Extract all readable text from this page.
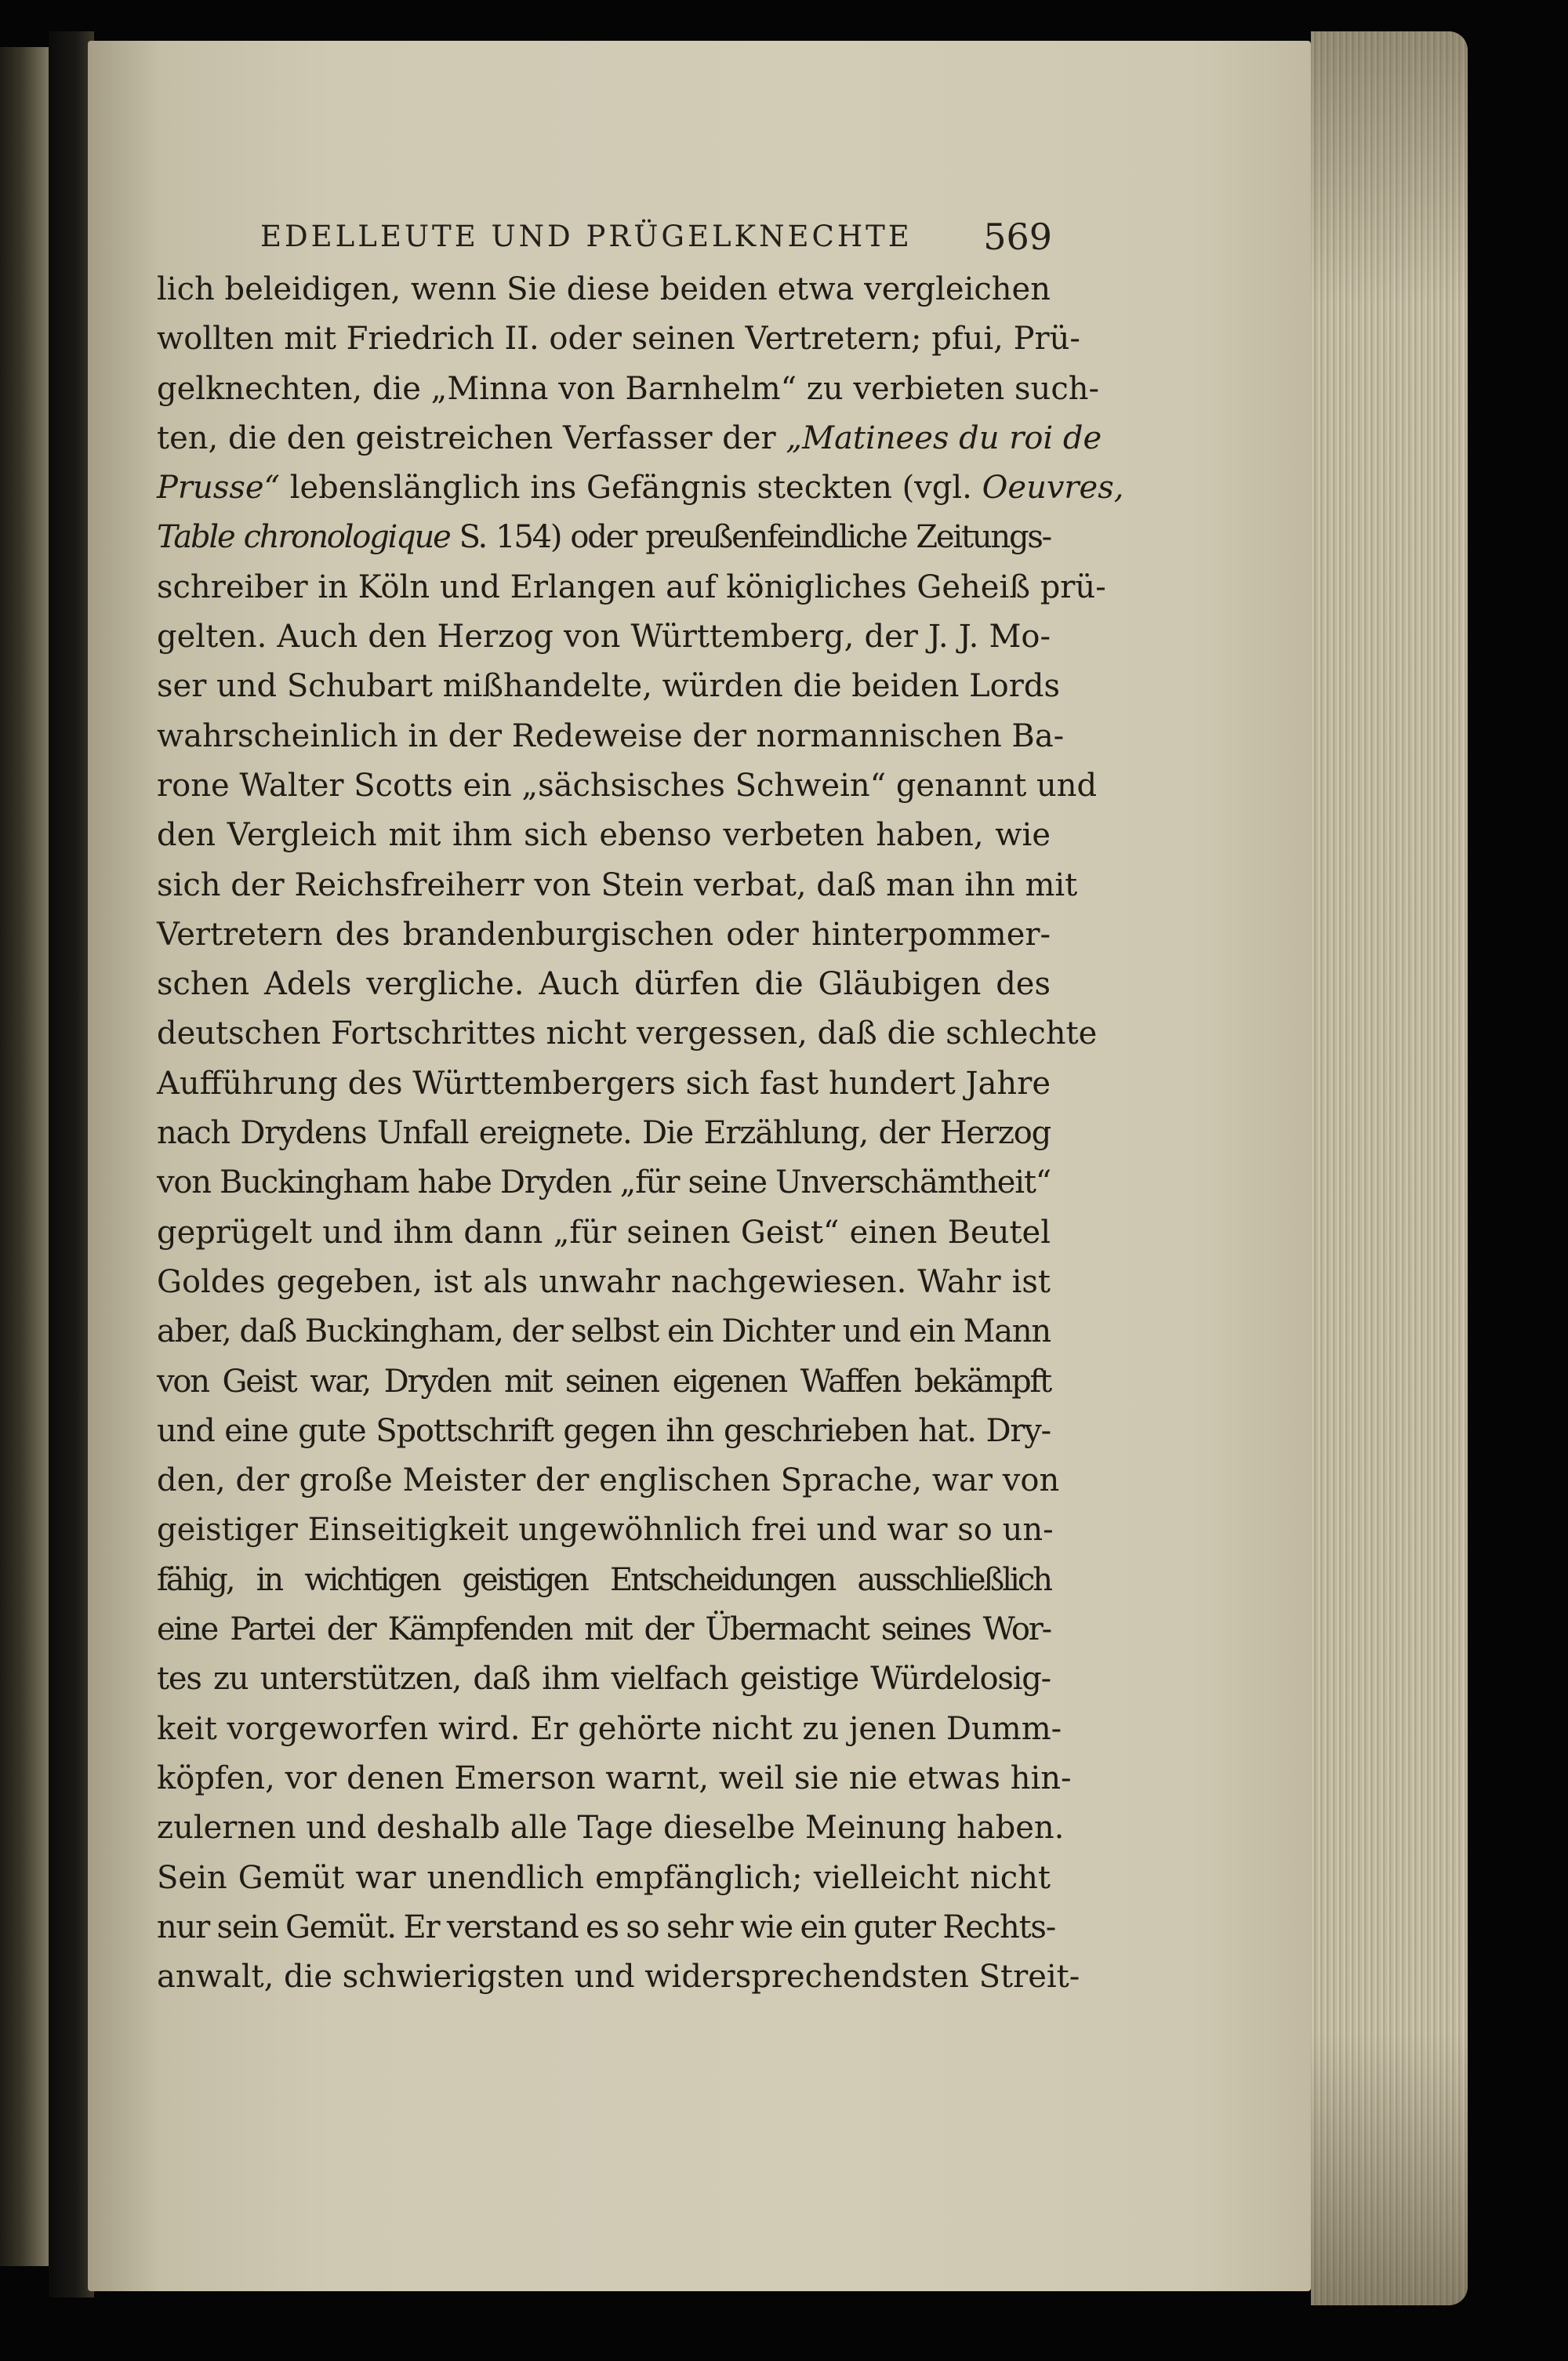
EDELLEUTE UND PRÜGELKNECHTE 569
lich beleidigen, wenn Sie diese beiden etwa vergleichen
wollten mit Friedrich II. oder seinen Vertretern; pfui, Prü-
gelknechten, die „Minna von Barnhelm“ zu verbieten such-
ten, die den geistreichen Verfasser der „Matinees du roi de
Prusse“ lebenslänglich ins Gefängnis steckten (vgl. Oeuvres,
Table chronologique S. 154) oder preußenfeindliche Zeitungs-
schreiber in Köln und Erlangen auf königliches Geheiß prü-
gelten. Auch den Herzog von Württemberg, der J. J. Mo-
ser und Schubart mißhandelte, würden die beiden Lords
wahrscheinlich in der Redeweise der normannischen Ba-
rone Walter Scotts ein „sächsisches Schwein“ genannt und
den Vergleich mit ihm sich ebenso verbeten haben, wie
sich der Reichsfreiherr von Stein verbat, daß man ihn mit
Vertretern des brandenburgischen oder hinterpommer-
schen Adels vergliche. Auch dürfen die Gläubigen des
deutschen Fortschrittes nicht vergessen, daß die schlechte
Aufführung des Württembergers sich fast hundert Jahre
nach Drydens Unfall ereignete. Die Erzählung, der Herzog
von Buckingham habe Dryden „für seine Unverschämtheit“
geprügelt und ihm dann „für seinen Geist“ einen Beutel
Goldes gegeben, ist als unwahr nachgewiesen. Wahr ist
aber, daß Buckingham, der selbst ein Dichter und ein Mann
von Geist war, Dryden mit seinen eigenen Waffen bekämpft
und eine gute Spottschrift gegen ihn geschrieben hat. Dry-
den, der große Meister der englischen Sprache, war von
geistiger Einseitigkeit ungewöhnlich frei und war so un-
fähig, in wichtigen geistigen Entscheidungen ausschließlich
eine Partei der Kämpfenden mit der Übermacht seines Wor-
tes zu unterstützen, daß ihm vielfach geistige Würdelosig-
keit vorgeworfen wird. Er gehörte nicht zu jenen Dumm-
köpfen, vor denen Emerson warnt, weil sie nie etwas hin-
zulernen und deshalb alle Tage dieselbe Meinung haben.
Sein Gemüt war unendlich empfänglich; vielleicht nicht
nur sein Gemüt. Er verstand es so sehr wie ein guter Rechts-
anwalt, die schwierigsten und widersprechendsten Streit-
